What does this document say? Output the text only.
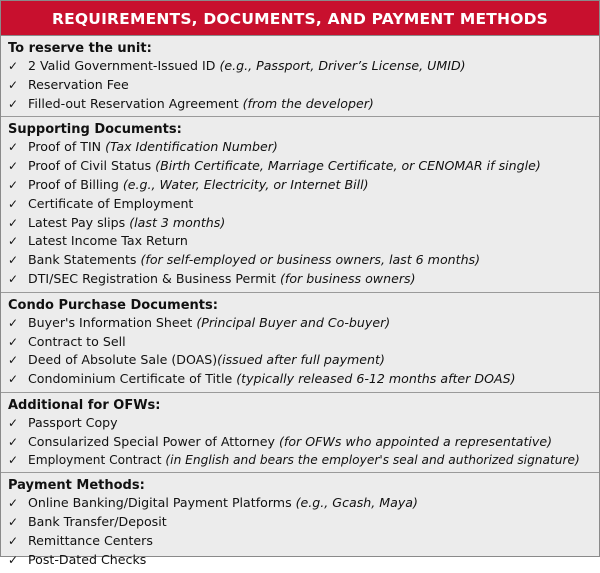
REQUIREMENTS, DOCUMENTS, AND PAYMENT METHODS
To reserve the unit:
✓ 2 Valid Government-Issued ID (e.g., Passport, Driver’s License, UMID)
✓ Reservation Fee
✓ Filled-out Reservation Agreement (from the developer)
Supporting Documents:
✓ Proof of TIN (Tax Identification Number)
✓ Proof of Civil Status (Birth Certificate, Marriage Certificate, or CENOMAR if single)
✓ Proof of Billing (e.g., Water, Electricity, or Internet Bill)
✓ Certificate of Employment
✓ Latest Pay slips (last 3 months)
✓ Latest Income Tax Return
✓ Bank Statements (for self-employed or business owners, last 6 months)
✓ DTI/SEC Registration & Business Permit (for business owners)
Condo Purchase Documents:
✓ Buyer's Information Sheet (Principal Buyer and Co-buyer)
✓ Contract to Sell
✓ Deed of Absolute Sale (DOAS)(issued after full payment)
✓ Condominium Certificate of Title (typically released 6-12 months after DOAS)
Additional for OFWs:
✓ Passport Copy
✓ Consularized Special Power of Attorney (for OFWs who appointed a representative)
✓ Employment Contract (in English and bears the employer's seal and authorized signature)
Payment Methods:
✓ Online Banking/Digital Payment Platforms (e.g., Gcash, Maya)
✓ Bank Transfer/Deposit
✓ Remittance Centers
✓ Post-Dated Checks
